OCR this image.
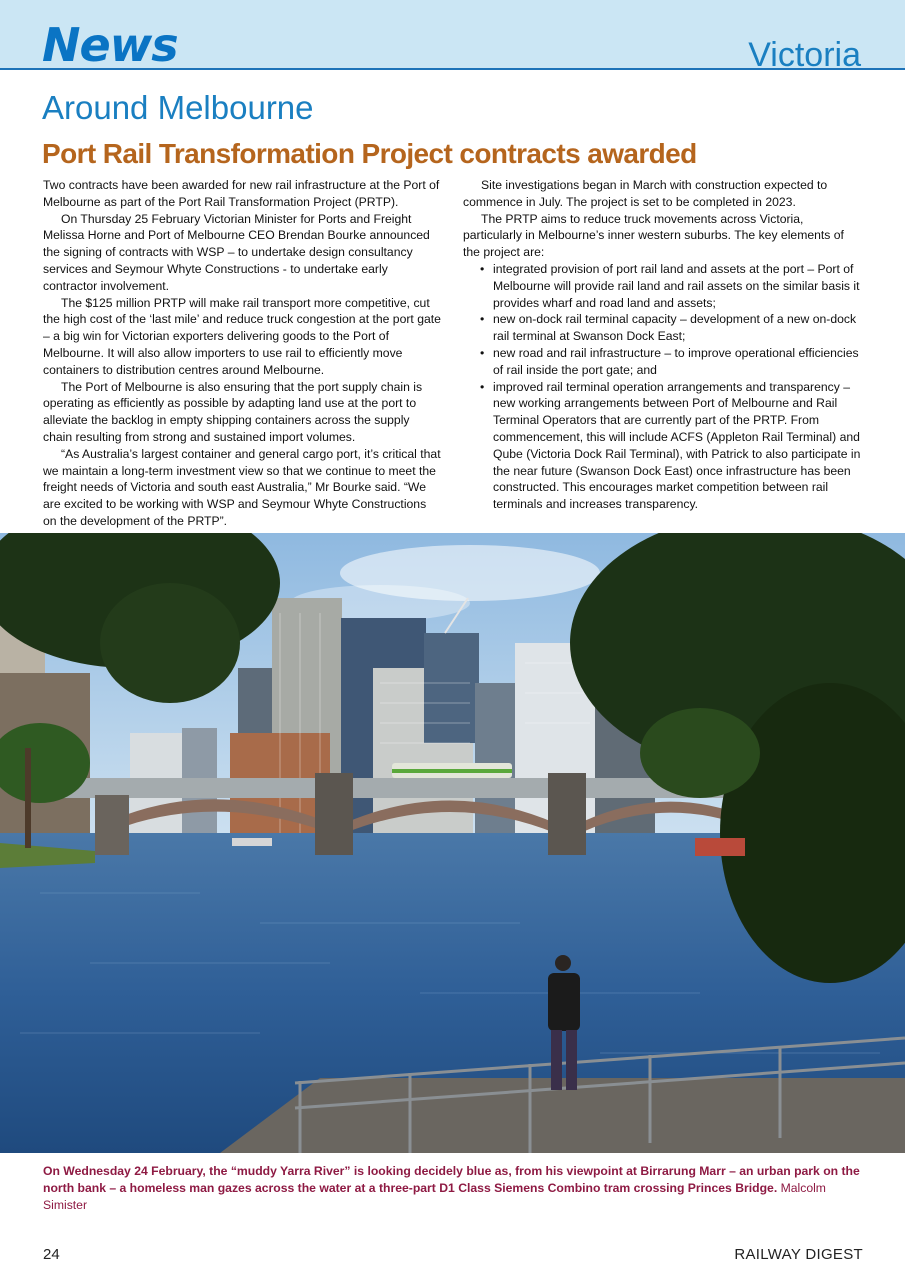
News	Victoria
Around Melbourne
Port Rail Transformation Project contracts awarded

Two contracts have been awarded for new rail infrastructure at the Port of Melbourne as part of the Port Rail Transformation Project (PRTP).

On Thursday 25 February Victorian Minister for Ports and Freight Melissa Horne and Port of Melbourne CEO Brendan Bourke announced the signing of contracts with WSP – to undertake design consultancy services and Seymour Whyte Constructions - to undertake early contractor involvement.

The $125 million PRTP will make rail transport more competitive, cut the high cost of the ‘last mile’ and reduce truck congestion at the port gate – a big win for Victorian exporters delivering goods to the Port of Melbourne. It will also allow importers to use rail to efficiently move containers to distribution centres around Melbourne.

The Port of Melbourne is also ensuring that the port supply chain is operating as efficiently as possible by adapting land use at the port to alleviate the backlog in empty shipping containers across the supply chain resulting from strong and sustained import volumes.

“As Australia’s largest container and general cargo port, it’s critical that we maintain a long-term investment view so that we continue to meet the freight needs of Victoria and south east Australia,” Mr Bourke said. “We are excited to be working with WSP and Seymour Whyte Constructions on the development of the PRTP”.

Site investigations began in March with construction expected to commence in July. The project is set to be completed in 2023.

The PRTP aims to reduce truck movements across Victoria, particularly in Melbourne’s inner western suburbs. The key elements of the project are:

• integrated provision of port rail land and assets at the port – Port of Melbourne will provide rail land and rail assets on the similar basis it provides wharf and road land and assets;
• new on-dock rail terminal capacity – development of a new on-dock rail terminal at Swanson Dock East;
• new road and rail infrastructure – to improve operational efficiencies of rail inside the port gate; and
• improved rail terminal operation arrangements and transparency – new working arrangements between Port of Melbourne and Rail Terminal Operators that are currently part of the PRTP. From commencement, this will include ACFS (Appleton Rail Terminal) and Qube (Victoria Dock Rail Terminal), with Patrick to also participate in the near future (Swanson Dock East) once infrastructure has been constructed. This encourages market competition between rail terminals and increases transparency.
On Wednesday 24 February, the “muddy Yarra River” is looking decidely blue as, from his viewpoint at Birrarung Marr – an urban park on the north bank – a homeless man gazes across the water at a three-part D1 Class Siemens Combino tram crossing Princes Bridge. Malcolm Simister
24	RAILWAY DIGEST
